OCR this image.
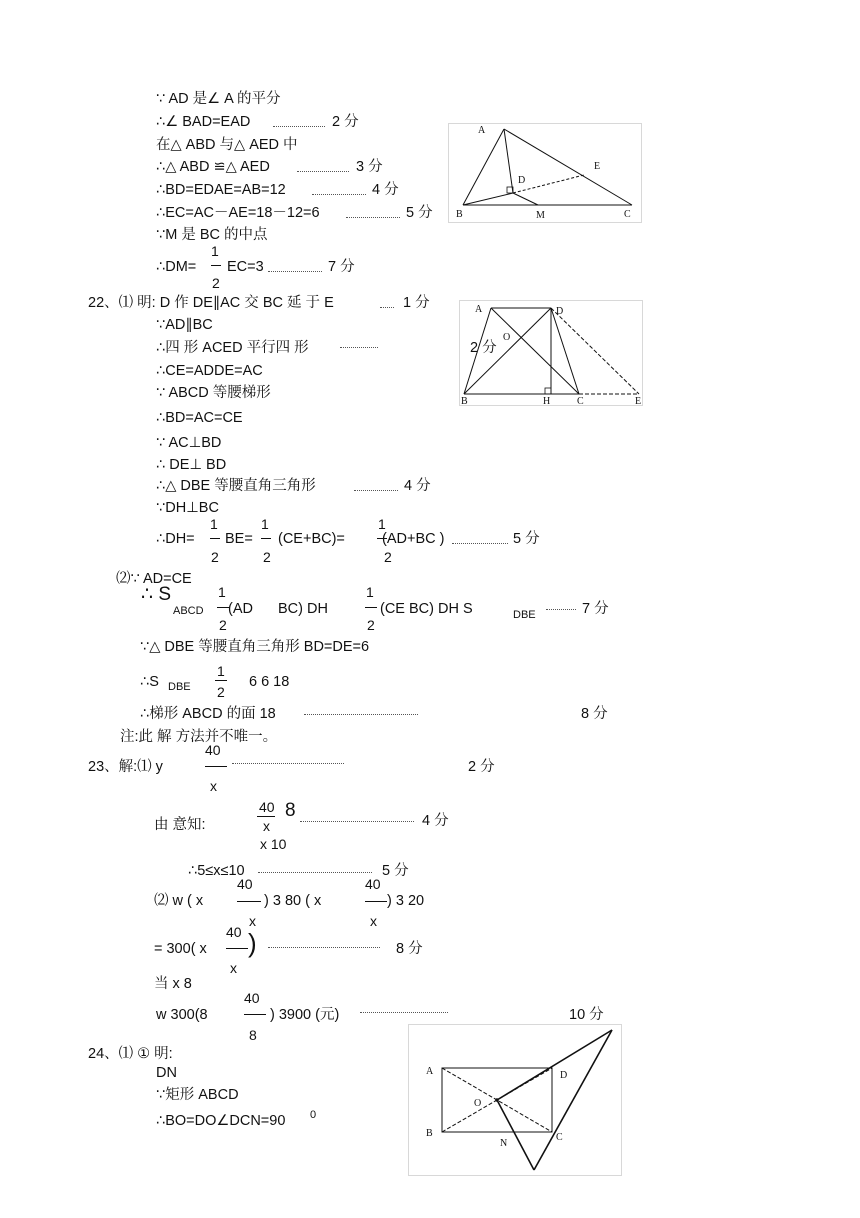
∵ AD 是∠ A 的平分
∴∠ BAD=EAD	2 分
在△ ABD 与△ AED 中
∴△ ABD ≌△ AED	3 分
∴BD=EDAE=AB=12	4 分
∴EC=AC－AE=18－12=6	5 分
∵M 是 BC 的中点
∴DM=
1
2
EC=3	7 分
A
B	C
D
E
M
22、⑴ 明: D 作 DE∥AC 交 BC 延 于 E	1 分
∵AD∥BC
∴四 形 ACED 平行四 形	2 分
∴CE=ADDE=AC
∵ ABCD 等腰梯形
∴BD=AC=CE
∵ AC⊥BD
∴ DE⊥ BD
∴△ DBE 等腰直角三角形	4 分
∵DH⊥BC
∴DH=
1
2
BE=
1
2
(CE+BC)=
1
2
(AD+BC )	5 分
A	D
B	H	C	E
O
⑵∵ AD=CE
∴ S
ABCD
1
2
(AD BC) DH
1
2
(CE BC) DH S	DBE	7 分
∵△ DBE 等腰直角三角形 BD=DE=6
∴S DBE
1
2
6 6 18
∴梯形 ABCD 的面 18	8 分
注:此 解 方法并不唯一。
23、解:⑴ y
40
x
2 分
由 意知:
40
x
8
x 10
4 分
∴5≤x≤10	5 分
⑵ w ( x
40
x
) 3 80 ( x
40
x
) 3 20
= 300( x
40
x
)	8 分
当 x 8
w 300(8
40
8
) 3900 (元)	10 分
24、⑴ ① 明:
DN
∵矩形 ABCD
∴BO=DO∠DCN=90 0
A
B
D
C
N
O
